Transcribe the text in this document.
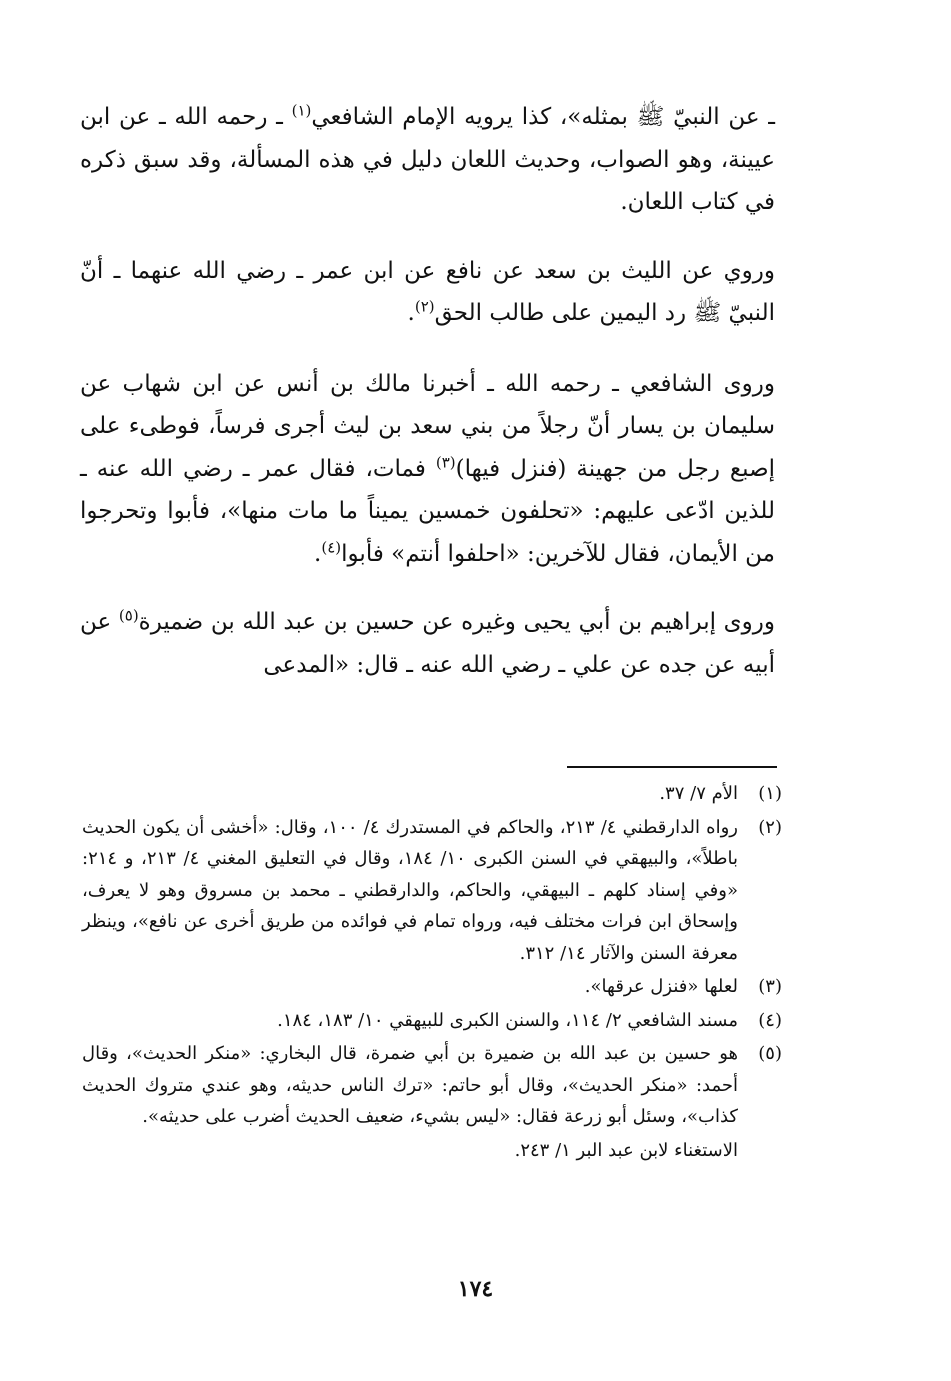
ـ عن النبيّ ﷺ بمثله»، كذا يرويه الإمام الشافعي$^{(١)}$ ـ رحمه الله ـ عن ابن عيينة، وهو الصواب، وحديث اللعان دليل في هذه المسألة، وقد سبق ذكره في كتاب اللعان.

وروي عن الليث بن سعد عن نافع عن ابن عمر ـ رضي الله عنهما ـ أنّ النبيّ ﷺ رد اليمين على طالب الحق$^{(٢)}$.

وروى الشافعي ـ رحمه الله ـ أخبرنا مالك بن أنس عن ابن شهاب عن سليمان بن يسار أنّ رجلاً من بني سعد بن ليث أجرى فرساً، فوطىء على إصبع رجل من جهينة (فنزل فيها)$^{(٣)}$ فمات، فقال عمر ـ رضي الله عنه ـ للذين ادّعى عليهم: «تحلفون خمسين يميناً ما مات منها»، فأبوا وتحرجوا من الأيمان، فقال للآخرين: «احلفوا أنتم» فأبوا$^{(٤)}$.

وروى إبراهيم بن أبي يحيى وغيره عن حسين بن عبد الله بن ضميرة$^{(٥)}$ عن أبيه عن جده عن علي ـ رضي الله عنه ـ قال: «المدعى

(١)
الأم ٧/ ٣٧.
(٢)
رواه الدارقطني ٤/ ٢١٣، والحاكم في المستدرك ٤/ ١٠٠، وقال: «أخشى أن يكون الحديث باطلاً»، والبيهقي في السنن الكبرى ١٠/ ١٨٤، وقال في التعليق المغني ٤/ ٢١٣، و ٢١٤: «وفي إسناد كلهم ـ البيهقي، والحاكم، والدارقطني ـ محمد بن مسروق وهو لا يعرف، وإسحاق ابن فرات مختلف فيه، ورواه تمام في فوائده من طريق أخرى عن نافع»، وينظر معرفة السنن والآثار ١٤/ ٣١٢.
(٣)
لعلها «فنزل عرقها».
(٤)
مسند الشافعي ٢/ ١١٤، والسنن الكبرى للبيهقي ١٠/ ١٨٣، ١٨٤.
(٥)
هو حسين بن عبد الله بن ضميرة بن أبي ضمرة، قال البخاري: «منكر الحديث»، وقال أحمد: «منكر الحديث»، وقال أبو حاتم: «ترك الناس حديثه، وهو عندي متروك الحديث كذاب»، وسئل أبو زرعة فقال: «ليس بشيء، ضعيف الحديث أضرب على حديثه».
الاستغناء لابن عبد البر ١/ ٢٤٣.
١٧٤
